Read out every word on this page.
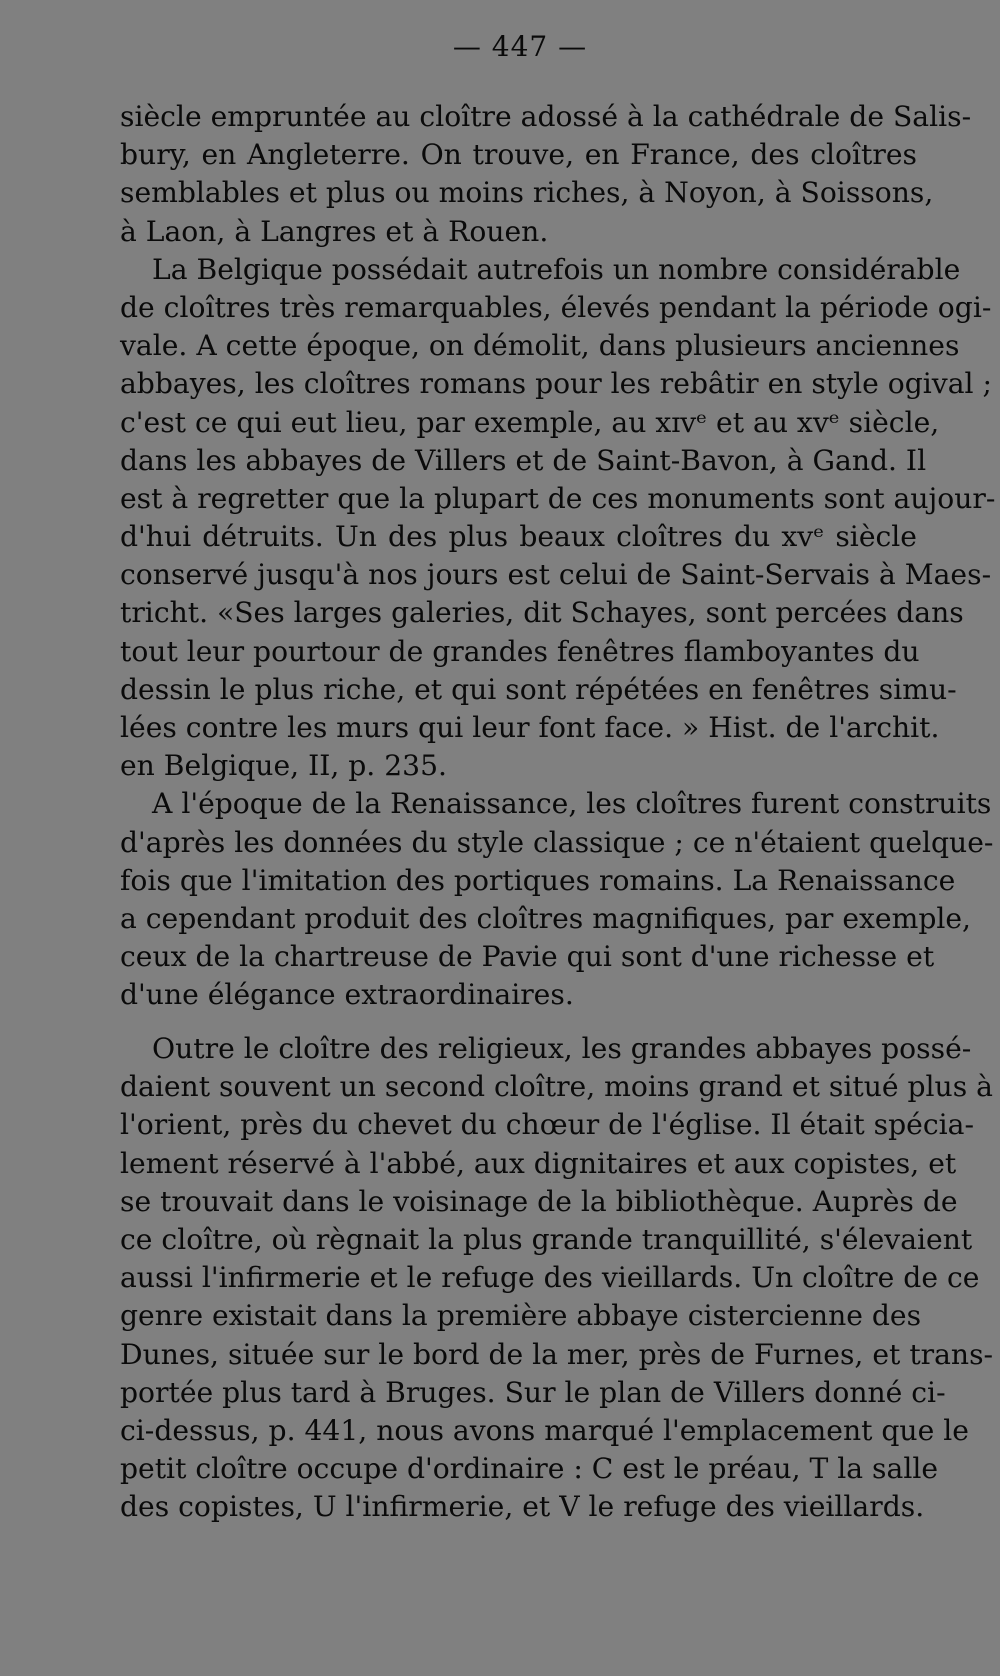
— 447 —
siècle empruntée au cloître adossé à la cathédrale de Salis-
bury, en Angleterre. On trouve, en France, des cloîtres
semblables et plus ou moins riches, à Noyon, à Soissons,
à Laon, à Langres et à Rouen.
La Belgique possédait autrefois un nombre considérable
de cloîtres très remarquables, élevés pendant la période ogi-
vale. A cette époque, on démolit, dans plusieurs anciennes
abbayes, les cloîtres romans pour les rebâtir en style ogival ;
c'est ce qui eut lieu, par exemple, au xɪvᵉ et au xvᵉ siècle,
dans les abbayes de Villers et de Saint-Bavon, à Gand. Il
est à regretter que la plupart de ces monuments sont aujour-
d'hui détruits. Un des plus beaux cloîtres du xvᵉ siècle
conservé jusqu'à nos jours est celui de Saint-Servais à Maes-
tricht. «Ses larges galeries, dit Schayes, sont percées dans
tout leur pourtour de grandes fenêtres flamboyantes du
dessin le plus riche, et qui sont répétées en fenêtres simu-
lées contre les murs qui leur font face. » Hist. de l'archit.
en Belgique, II, p. 235.
A l'époque de la Renaissance, les cloîtres furent construits
d'après les données du style classique ; ce n'étaient quelque-
fois que l'imitation des portiques romains. La Renaissance
a cependant produit des cloîtres magnifiques, par exemple,
ceux de la chartreuse de Pavie qui sont d'une richesse et
d'une élégance extraordinaires.
Outre le cloître des religieux, les grandes abbayes possé-
daient souvent un second cloître, moins grand et situé plus à
l'orient, près du chevet du chœur de l'église. Il était spécia-
lement réservé à l'abbé, aux dignitaires et aux copistes, et
se trouvait dans le voisinage de la bibliothèque. Auprès de
ce cloître, où règnait la plus grande tranquillité, s'élevaient
aussi l'infirmerie et le refuge des vieillards. Un cloître de ce
genre existait dans la première abbaye cistercienne des
Dunes, située sur le bord de la mer, près de Furnes, et trans-
portée plus tard à Bruges. Sur le plan de Villers donné ci-
ci-dessus, p. 441, nous avons marqué l'emplacement que le
petit cloître occupe d'ordinaire : C est le préau, T la salle
des copistes, U l'infirmerie, et V le refuge des vieillards.
